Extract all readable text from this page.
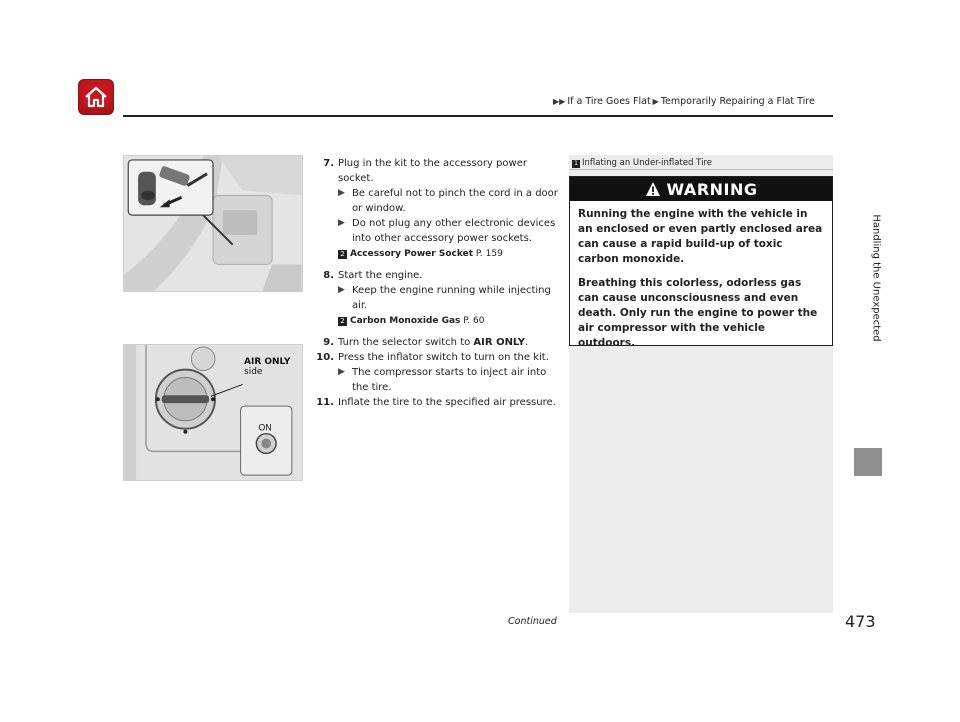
▶▶ If a Tire Goes Flat ▶ Temporarily Repairing a Flat Tire
Handling the Unexpected
ON
AIR ONLY
side
7. Plug in the kit to the accessory power socket.
▶ Be careful not to pinch the cord in a door or window.
▶ Do not plug any other electronic devices into other accessory power sockets.
2 Accessory Power Socket P. 159
8. Start the engine.
▶ Keep the engine running while injecting air.
2 Carbon Monoxide Gas P. 60
9. Turn the selector switch to AIR ONLY.
10. Press the inflator switch to turn on the kit.
▶ The compressor starts to inject air into the tire.
11. Inflate the tire to the specified air pressure.
1 Inflating an Under-inflated Tire
WARNING

Running the engine with the vehicle in an enclosed or even partly enclosed area can cause a rapid build-up of toxic carbon monoxide.

Breathing this colorless, odorless gas can cause unconsciousness and even death. Only run the engine to power the air compressor with the vehicle outdoors.

Continued	473
